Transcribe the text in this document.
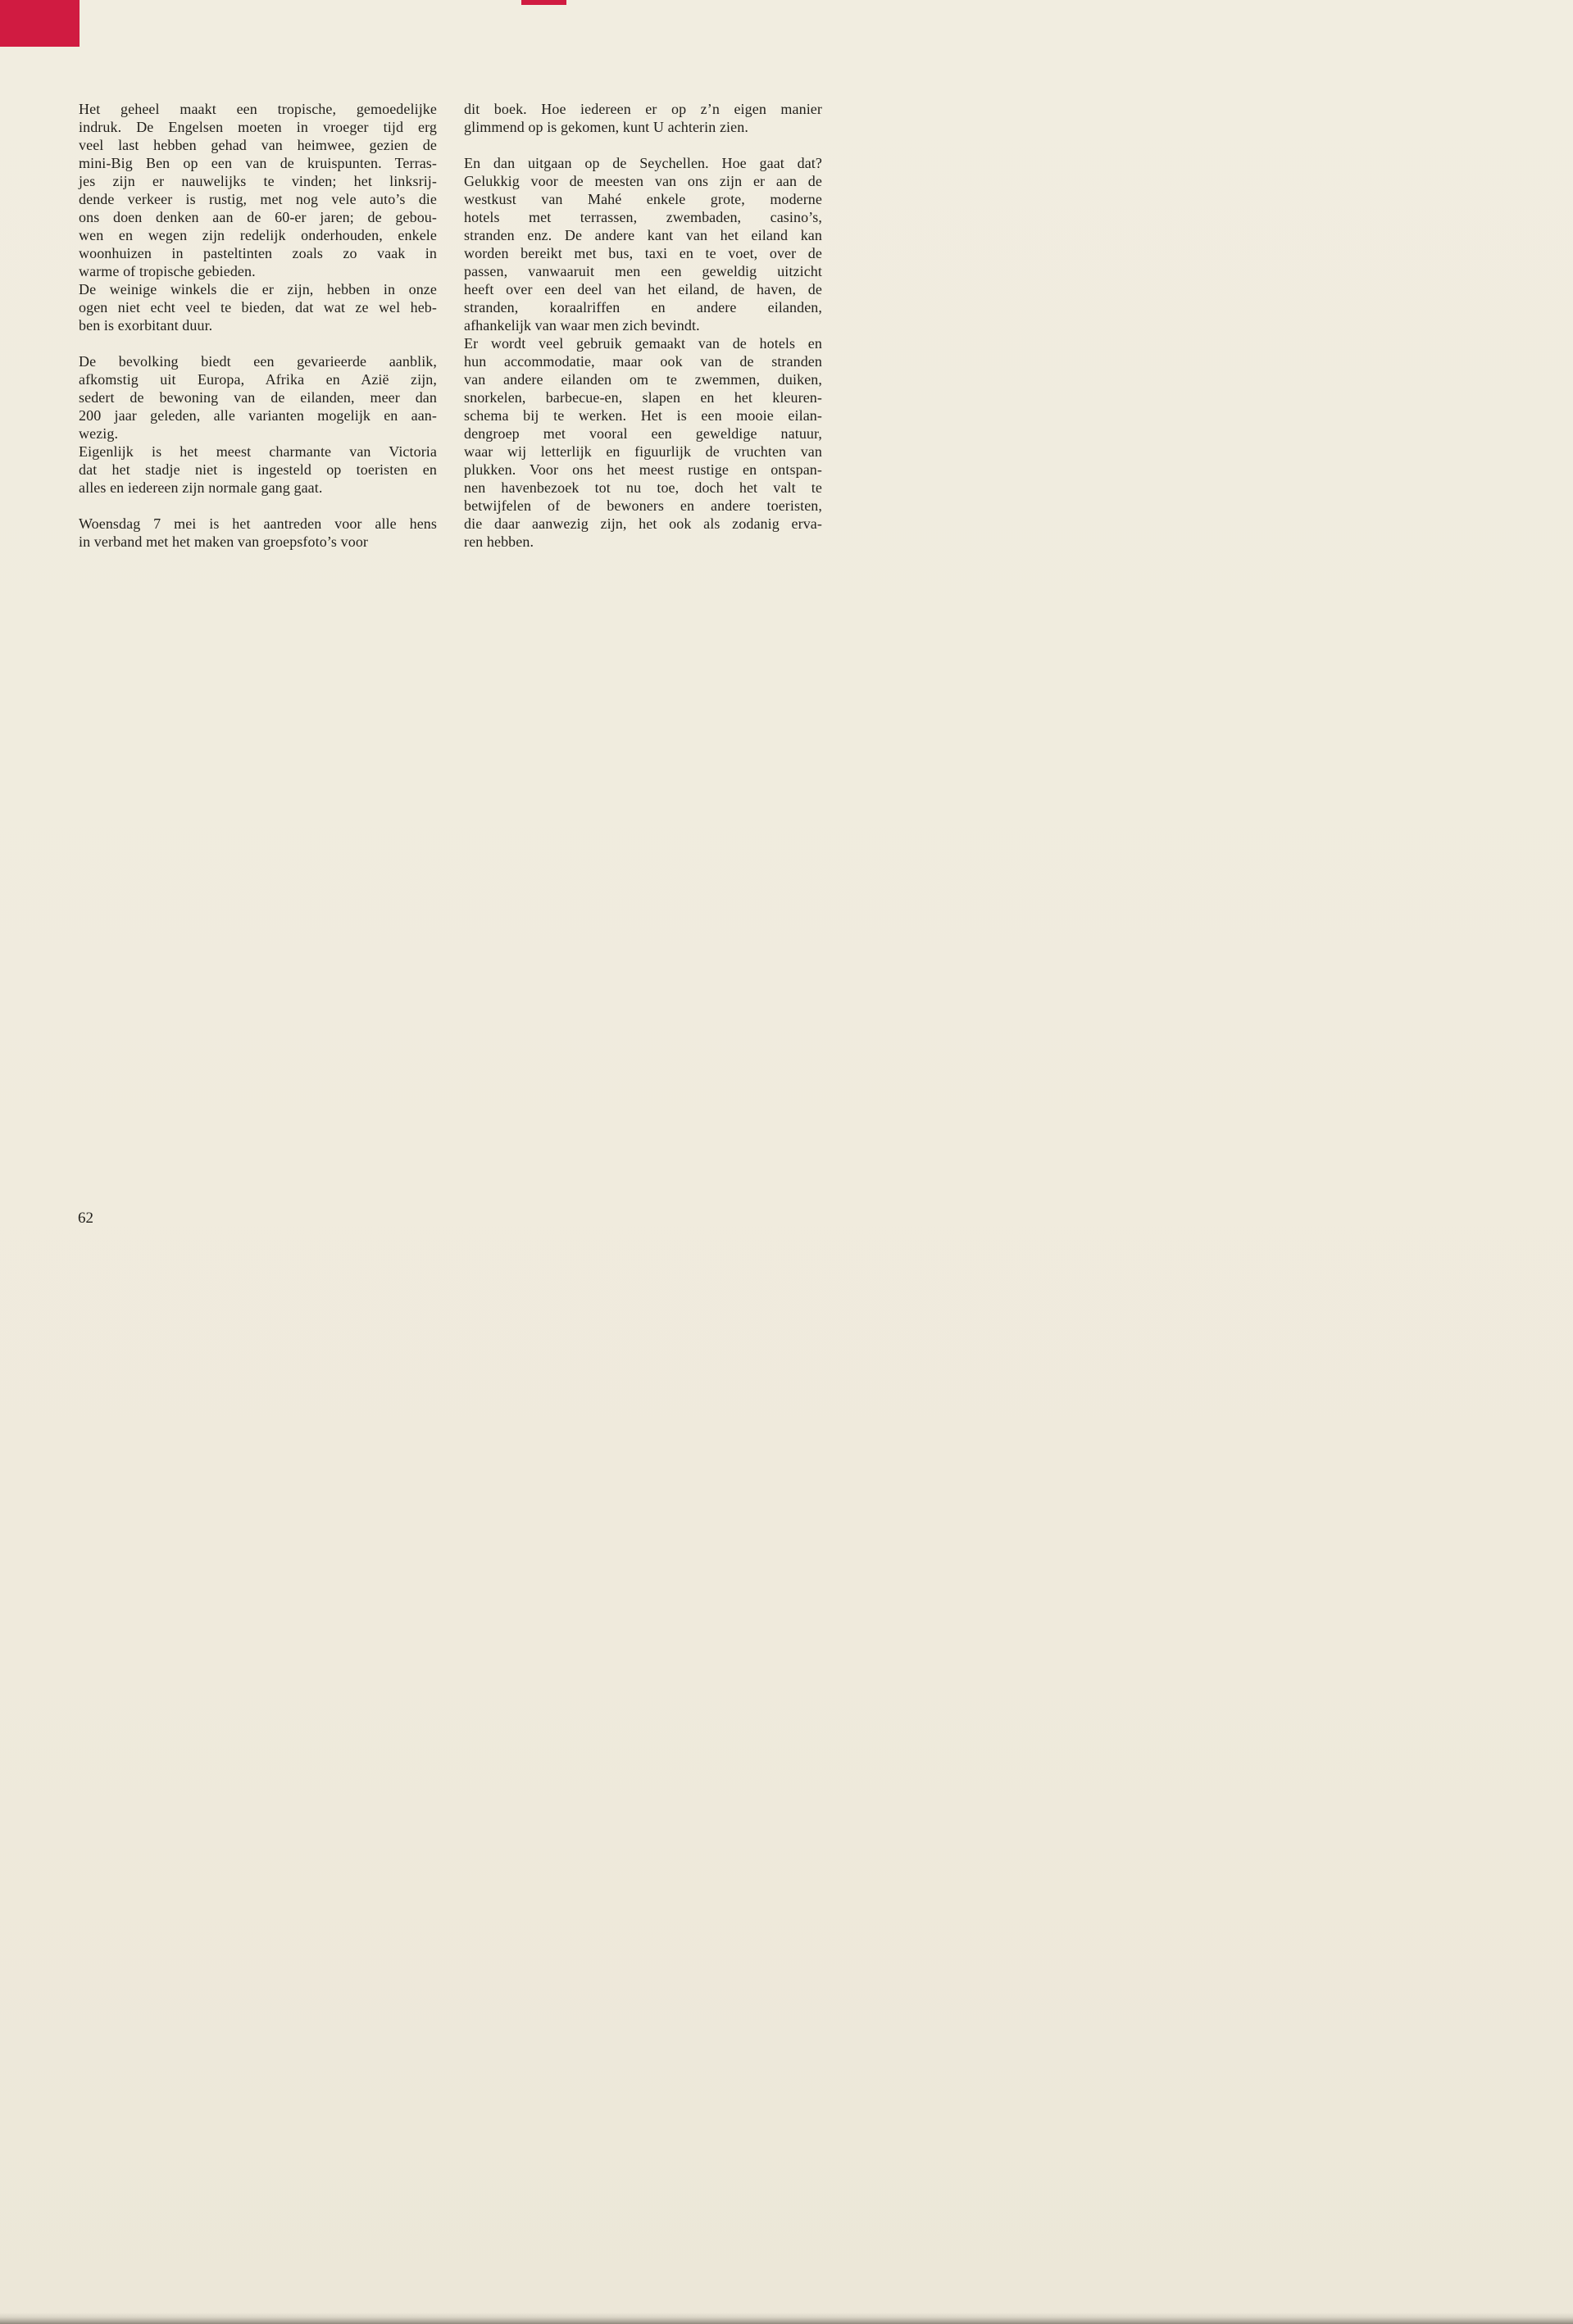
Het geheel maakt een tropische, gemoedelijke
indruk. De Engelsen moeten in vroeger tijd erg
veel last hebben gehad van heimwee, gezien de
mini-Big Ben op een van de kruispunten. Terras-
jes zijn er nauwelijks te vinden; het linksrij-
dende verkeer is rustig, met nog vele auto’s die
ons doen denken aan de 60-er jaren; de gebou-
wen en wegen zijn redelijk onderhouden, enkele
woonhuizen in pasteltinten zoals zo vaak in
warme of tropische gebieden.
De weinige winkels die er zijn, hebben in onze
ogen niet echt veel te bieden, dat wat ze wel heb-
ben is exorbitant duur.
De bevolking biedt een gevarieerde aanblik,
afkomstig uit Europa, Afrika en Azië zijn,
sedert de bewoning van de eilanden, meer dan
200 jaar geleden, alle varianten mogelijk en aan-
wezig.
Eigenlijk is het meest charmante van Victoria
dat het stadje niet is ingesteld op toeristen en
alles en iedereen zijn normale gang gaat.
Woensdag 7 mei is het aantreden voor alle hens
in verband met het maken van groepsfoto’s voor
dit boek. Hoe iedereen er op z’n eigen manier
glimmend op is gekomen, kunt U achterin zien.
En dan uitgaan op de Seychellen. Hoe gaat dat?
Gelukkig voor de meesten van ons zijn er aan de
westkust van Mahé enkele grote, moderne
hotels met terrassen, zwembaden, casino’s,
stranden enz. De andere kant van het eiland kan
worden bereikt met bus, taxi en te voet, over de
passen, vanwaaruit men een geweldig uitzicht
heeft over een deel van het eiland, de haven, de
stranden, koraalriffen en andere eilanden,
afhankelijk van waar men zich bevindt.
Er wordt veel gebruik gemaakt van de hotels en
hun accommodatie, maar ook van de stranden
van andere eilanden om te zwemmen, duiken,
snorkelen, barbecue-en, slapen en het kleuren-
schema bij te werken. Het is een mooie eilan-
dengroep met vooral een geweldige natuur,
waar wij letterlijk en figuurlijk de vruchten van
plukken. Voor ons het meest rustige en ontspan-
nen havenbezoek tot nu toe, doch het valt te
betwijfelen of de bewoners en andere toeristen,
die daar aanwezig zijn, het ook als zodanig erva-
ren hebben.
62
